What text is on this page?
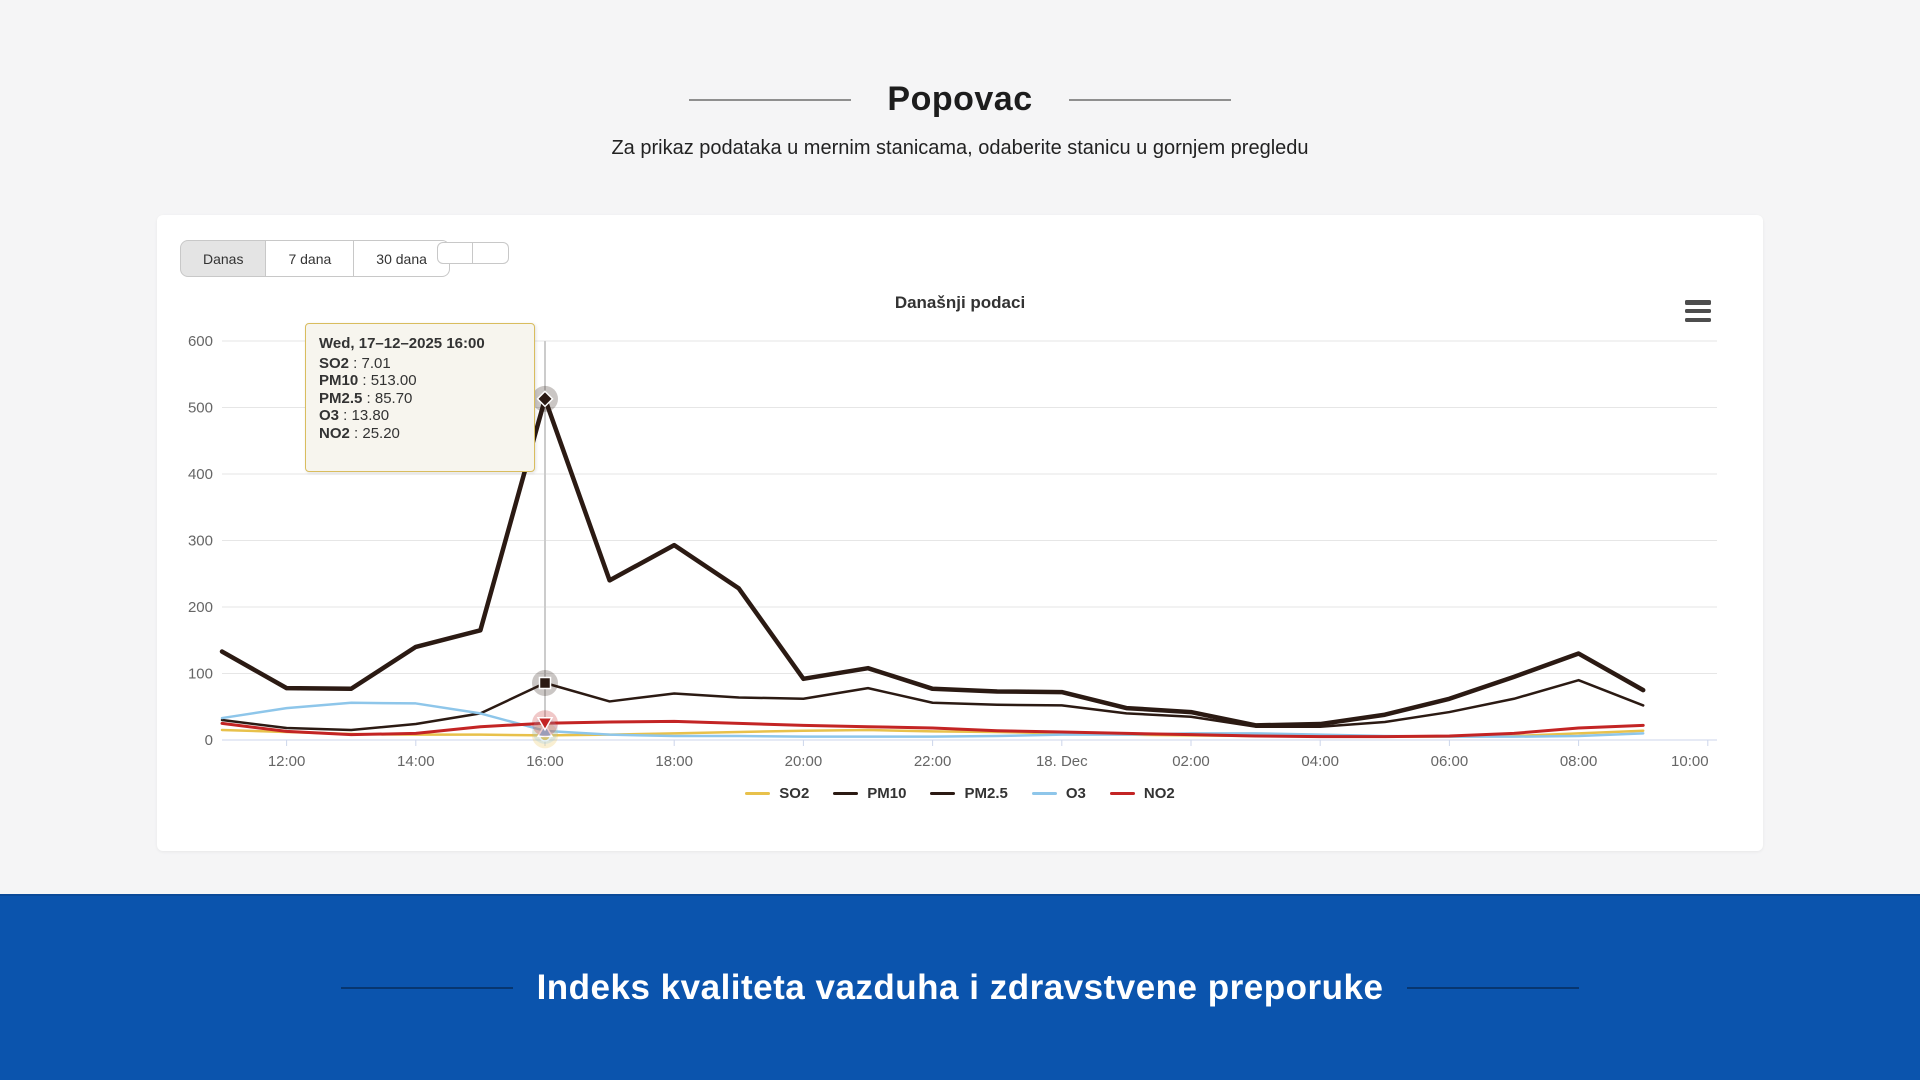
Popovac
Za prikaz podataka u mernim stanicama, odaberite stanicu u gornjem pregledu
Danas	7 dana	30 dana
Današnji podaci
0
100
200
300
400
500
600
12:00	14:00	16:00	18:00	20:00	22:00	18. Dec	02:00	04:00	06:00	08:00	10:00
Wed, 17–12–2025 16:00
SO2 : 7.01
PM10 : 513.00
PM2.5 : 85.70
O3 : 13.80
NO2 : 25.20
SO2	PM10	PM2.5	O3	NO2
Indeks kvaliteta vazduha i zdravstvene preporuke
